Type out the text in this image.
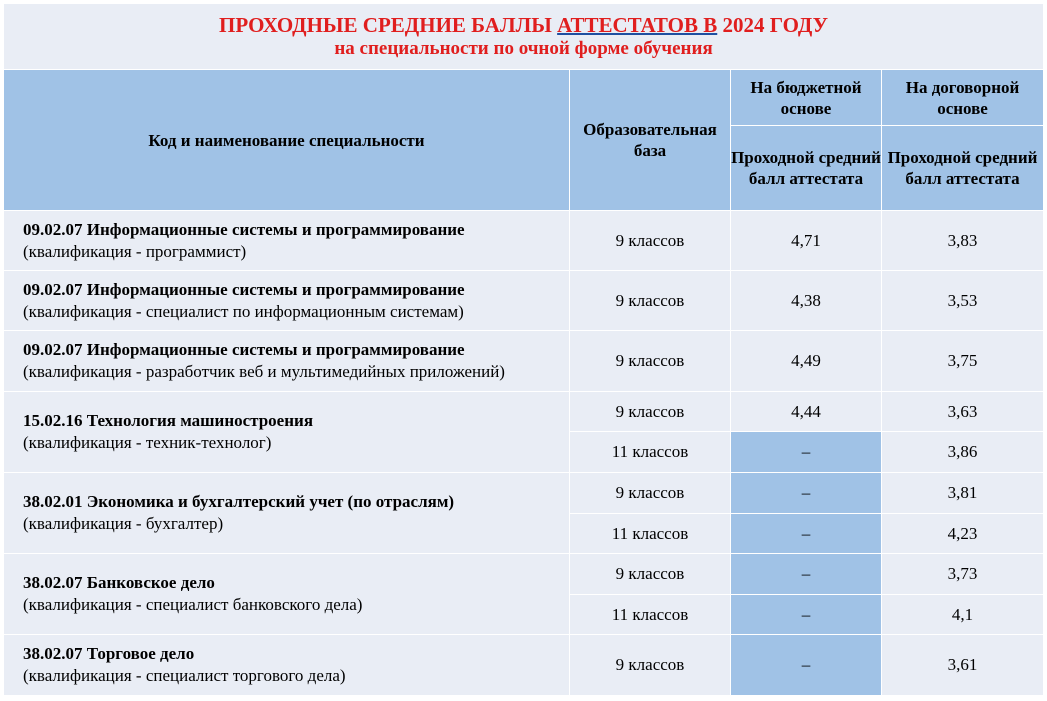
ПРОХОДНЫЕ СРЕДНИЕ БАЛЛЫ АТТЕСТАТОВ В 2024 ГОДУ
на специальности по очной форме обучения			

Код и наименование специальности	Образовательная база	На бюджетной основе	На договорной основе
		Проходной средний балл аттестата	Проходной средний балл аттестата

09.02.07 Информационные системы и программирование
(квалификация - программист)	9 классов	4,71	3,83

09.02.07 Информационные системы и программирование
(квалификация - специалист по информационным системам)	9 классов	4,38	3,53

09.02.07 Информационные системы и программирование
(квалификация - разработчик веб и мультимедийных приложений)	9 классов	4,49	3,75

15.02.16 Технология машиностроения
(квалификация - техник-технолог)	9 классов	4,44	3,63
	11 классов	–	3,86

38.02.01 Экономика и бухгалтерский учет (по отраслям)
(квалификация - бухгалтер)	9 классов	–	3,81
	11 классов	–	4,23

38.02.07 Банковское дело
(квалификация - специалист банковского дела)	9 классов	–	3,73
	11 классов	–	4,1

38.02.07 Торговое дело
(квалификация - специалист торгового дела)	9 классов	–	3,61
